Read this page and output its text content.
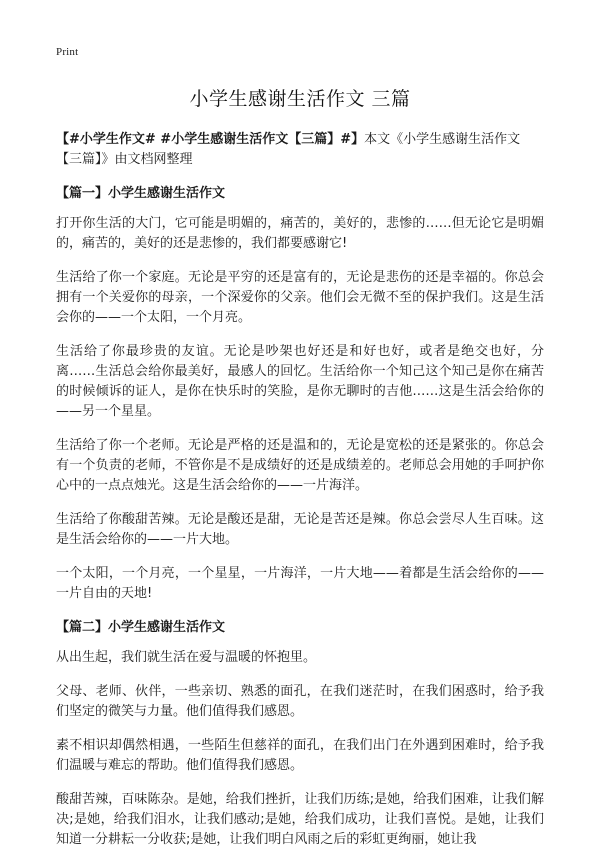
Print
小学生感谢生活作文 三篇

【#小学生作文# #小学生感谢生活作文【三篇】#】本文《小学生感谢生活作文【三篇】》由文档网整理

【篇一】小学生感谢生活作文

打开你生活的大门，它可能是明媚的，痛苦的，美好的，悲惨的……但无论它是明媚的，痛苦的，美好的还是悲惨的，我们都要感谢它!

生活给了你一个家庭。无论是平穷的还是富有的，无论是悲伤的还是幸福的。你总会拥有一个关爱你的母亲，一个深爱你的父亲。他们会无微不至的保护我们。这是生活会你的——一个太阳，一个月亮。

生活给了你最珍贵的友谊。无论是吵架也好还是和好也好，或者是绝交也好，分离……生活总会给你最美好，最感人的回忆。生活给你一个知己这个知己是你在痛苦的时候倾诉的证人，是你在快乐时的笑脸，是你无聊时的吉他……这是生活会给你的——另一个星星。

生活给了你一个老师。无论是严格的还是温和的，无论是宽松的还是紧张的。你总会有一个负责的老师，不管你是不是成绩好的还是成绩差的。老师总会用她的手呵护你心中的一点点烛光。这是生活会给你的——一片海洋。

生活给了你酸甜苦辣。无论是酸还是甜，无论是苦还是辣。你总会尝尽人生百味。这是生活会给你的——一片大地。

一个太阳，一个月亮，一个星星，一片海洋，一片大地——着都是生活会给你的——一片自由的天地!

【篇二】小学生感谢生活作文

从出生起，我们就生活在爱与温暖的怀抱里。

父母、老师、伙伴，一些亲切、熟悉的面孔，在我们迷茫时，在我们困惑时，给予我们坚定的微笑与力量。他们值得我们感恩。

素不相识却偶然相遇，一些陌生但慈祥的面孔，在我们出门在外遇到困难时，给予我们温暖与难忘的帮助。他们值得我们感恩。

酸甜苦辣，百味陈杂。是她，给我们挫折，让我们历练;是她，给我们困难，让我们解决;是她，给我们泪水，让我们感动;是她，给我们成功，让我们喜悦。是她，让我们知道一分耕耘一分收获;是她，让我们明白风雨之后的彩虹更绚丽，她让我
